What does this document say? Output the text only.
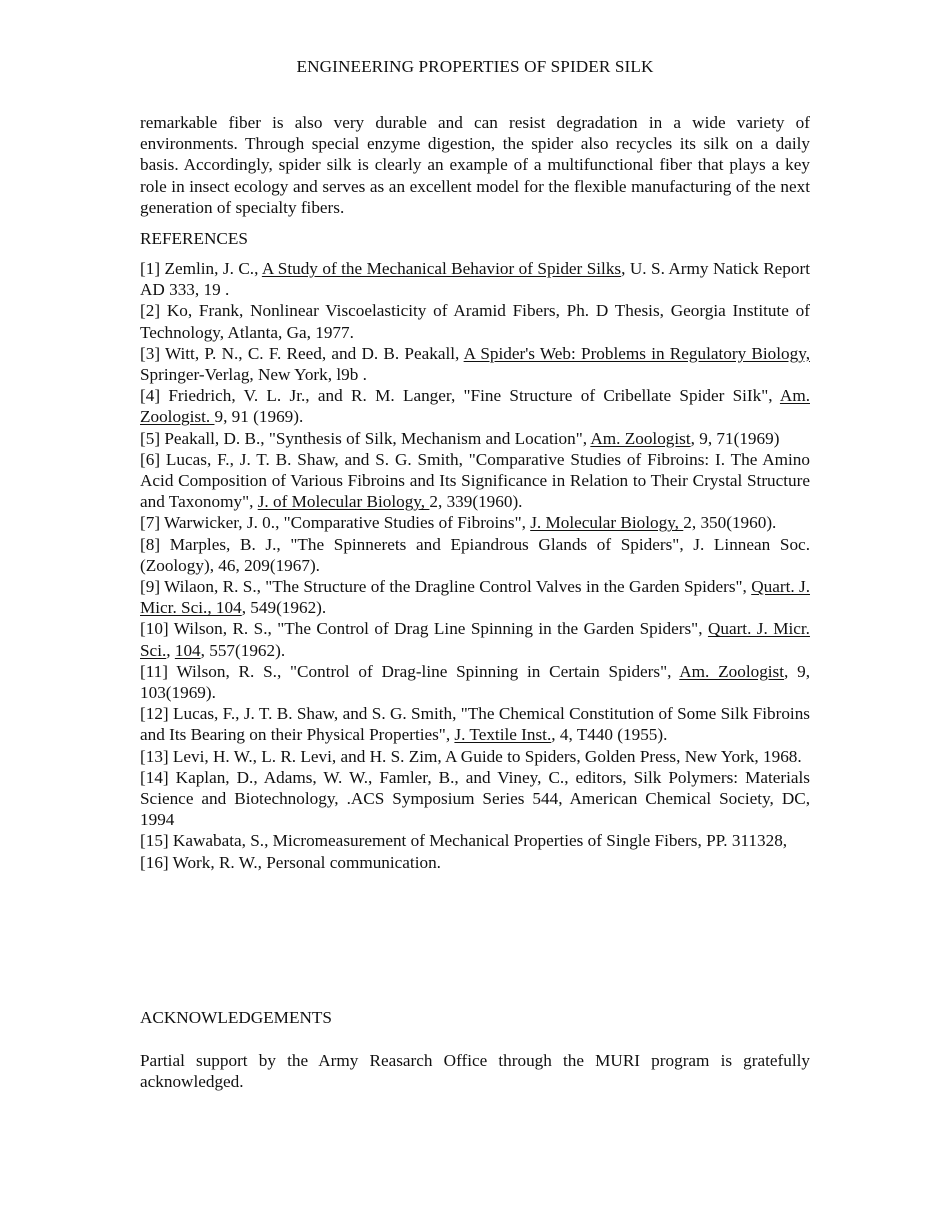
ENGINEERING PROPERTIES OF SPIDER SILK

remarkable fiber is also very durable and can resist degradation in a wide variety of environments. Through special enzyme digestion, the spider also recycles its silk on a daily basis. Accordingly, spider silk is clearly an example of a multifunctional fiber that plays a key role in insect ecology and serves as an excellent model for the flexible manufacturing of the next generation of specialty fibers.

REFERENCES

[1] Zemlin, J. C., A Study of the Mechanical Behavior of Spider Silks, U. S. Army Natick Report AD 333, 19 .

[2] Ko, Frank, Nonlinear Viscoelasticity of Aramid Fibers, Ph. D Thesis, Georgia Institute of Technology, Atlanta, Ga, 1977.

[3] Witt, P. N., C. F. Reed, and D. B. Peakall, A Spider's Web: Problems in Regulatory Biology, Springer-Verlag, New York, l9b .

[4] Friedrich, V. L. Jr., and R. M. Langer, "Fine Structure of Cribellate Spider SiIk", Am. Zoologist. 9, 91 (1969).

[5] Peakall, D. B., "Synthesis of Silk, Mechanism and Location", Am. Zoologist, 9, 71(1969)

[6] Lucas, F., J. T. B. Shaw, and S. G. Smith, "Comparative Studies of Fibroins: I. The Amino Acid Composition of Various Fibroins and Its Significance in Relation to Their Crystal Structure and Taxonomy", J. of Molecular Biology, 2, 339(1960).

[7] Warwicker, J. 0., "Comparative Studies of Fibroins", J. Molecular Biology, 2, 350(1960).

[8] Marples, B. J., "The Spinnerets and Epiandrous Glands of Spiders", J. Linnean Soc. (Zoology), 46, 209(1967).

[9] Wilaon, R. S., "The Structure of the Dragline Control Valves in the Garden Spiders", Quart. J. Micr. Sci., 104, 549(1962).

[10] Wilson, R. S., "The Control of Drag Line Spinning in the Garden Spiders", Quart. J. Micr. Sci., 104, 557(1962).

[11] Wilson, R. S., "Control of Drag-line Spinning in Certain Spiders", Am. Zoologist, 9, 103(1969).

[12] Lucas, F., J. T. B. Shaw, and S. G. Smith, "The Chemical Constitution of Some Silk Fibroins and Its Bearing on their Physical Properties", J. Textile Inst., 4, T440 (1955).

[13] Levi, H. W., L. R. Levi, and H. S. Zim, A Guide to Spiders, Golden Press, New York, 1968.

[14] Kaplan, D., Adams, W. W., Famler, B., and Viney, C., editors, Silk Polymers: Materials Science and Biotechnology, .ACS Symposium Series 544, American Chemical Society, DC, 1994

[15] Kawabata, S., Micromeasurement of Mechanical Properties of Single Fibers, PP. 311328,

[16] Work, R. W., Personal communication.

ACKNOWLEDGEMENTS

Partial support by the Army Reasarch Office through the MURI program is gratefully acknowledged.
